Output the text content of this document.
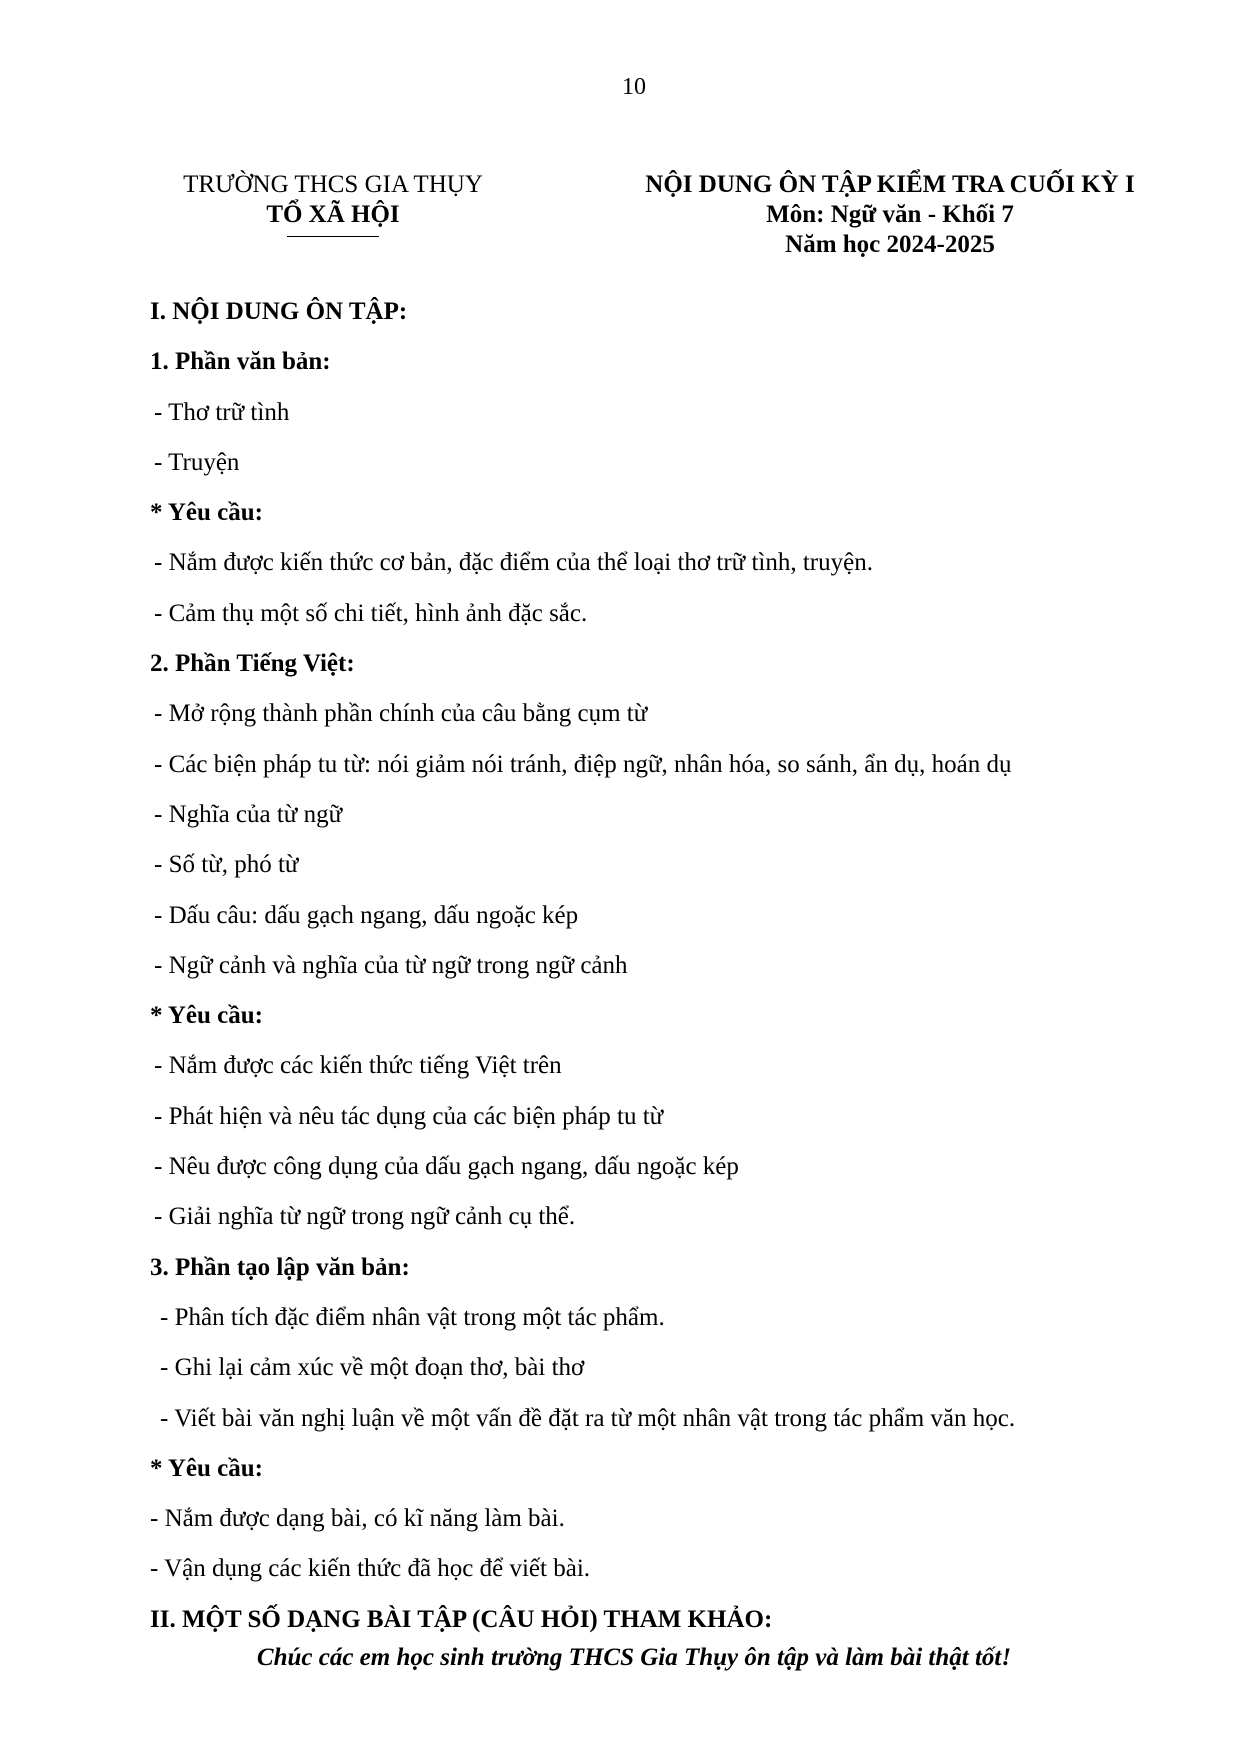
10
TRƯỜNG THCS GIA THỤY
TỔ XÃ HỘI
NỘI DUNG ÔN TẬP KIỂM TRA CUỐI KỲ I
Môn: Ngữ văn - Khối 7
Năm học 2024-2025
I. NỘI DUNG ÔN TẬP:
1. Phần văn bản:
- Thơ trữ tình
- Truyện
* Yêu cầu:
- Nắm được kiến thức cơ bản, đặc điểm của thể loại thơ trữ tình, truyện.
- Cảm thụ một số chi tiết, hình ảnh đặc sắc.
2. Phần Tiếng Việt:
- Mở rộng thành phần chính của câu bằng cụm từ
- Các biện pháp tu từ: nói giảm nói tránh, điệp ngữ, nhân hóa, so sánh, ẩn dụ, hoán dụ
- Nghĩa của từ ngữ
- Số từ, phó từ
- Dấu câu: dấu gạch ngang, dấu ngoặc kép
- Ngữ cảnh và nghĩa của từ ngữ trong ngữ cảnh
* Yêu cầu:
- Nắm được các kiến thức tiếng Việt trên
- Phát hiện và nêu tác dụng của các biện pháp tu từ
- Nêu được công dụng của dấu gạch ngang, dấu ngoặc kép
- Giải nghĩa từ ngữ trong ngữ cảnh cụ thể.
3. Phần tạo lập văn bản:
- Phân tích đặc điểm nhân vật trong một tác phẩm.
- Ghi lại cảm xúc về một đoạn thơ, bài thơ
- Viết bài văn nghị luận về một vấn đề đặt ra từ một nhân vật trong tác phẩm văn học.
* Yêu cầu:
- Nắm được dạng bài, có kĩ năng làm bài.
- Vận dụng các kiến thức đã học để viết bài.
II. MỘT SỐ DẠNG BÀI TẬP (CÂU HỎI) THAM KHẢO:
Chúc các em học sinh trường THCS Gia Thụy ôn tập và làm bài thật tốt!
